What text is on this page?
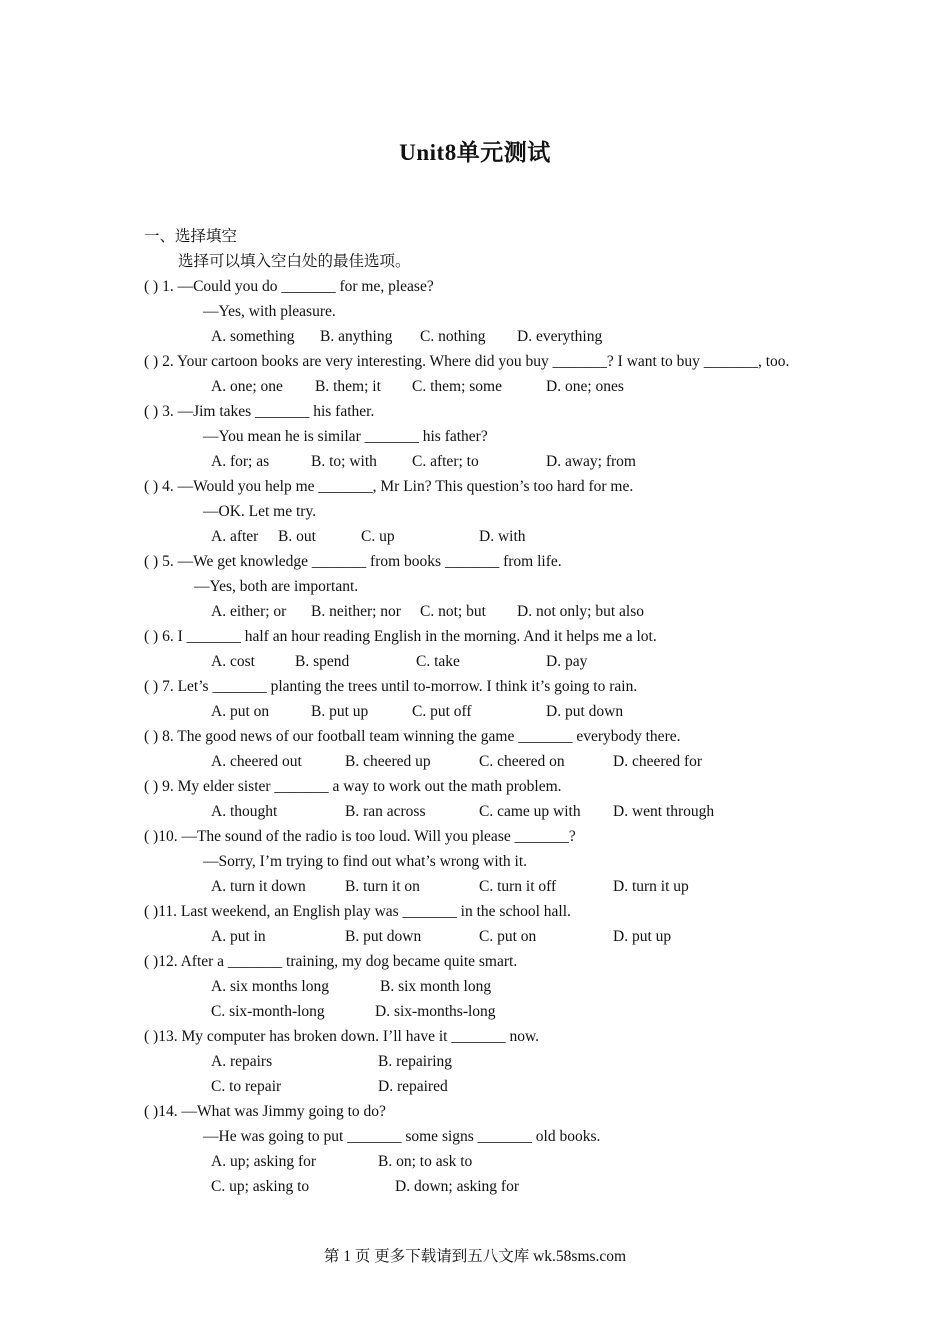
Unit8单元测试
一、选择填空
选择可以填入空白处的最佳选项。
( ) 1. —Could you do _______ for me, please?
—Yes, with pleasure.
A. something B. anything C. nothing D. everything
( ) 2. Your cartoon books are very interesting. Where did you buy _______? I want to buy _______, too.
A. one; one B. them; it C. them; some	D. one; ones
( ) 3. —Jim takes _______ his father.
—You mean he is similar _______ his father?
A. for; as	B. to; with C. after; to	D. away; from
( ) 4. —Would you help me _______, Mr Lin? This question’s too hard for me.
—OK. Let me try.
A. after B. out	C. up	D. with
( ) 5. —We get knowledge _______ from books _______ from life.
—Yes, both are important.
A. either; or B. neither; nor C. not; but D. not only; but also
( ) 6. I _______ half an hour reading English in the morning. And it helps me a lot.
A. cost	B. spend	C. take	D. pay
( ) 7. Let’s _______ planting the trees until to-morrow. I think it’s going to rain.
A. put on	B. put up	C. put off	D. put down
( ) 8. The good news of our football team winning the game _______ everybody there.
A. cheered out	B. cheered up	C. cheered on	D. cheered for
( ) 9. My elder sister _______ a way to work out the math problem.
A. thought	B. ran across	C. came up with D. went through
( )10. —The sound of the radio is too loud. Will you please _______?
—Sorry, I’m trying to find out what’s wrong with it.
A. turn it down	B. turn it on	C. turn it off	D. turn it up
( )11. Last weekend, an English play was _______ in the school hall.
A. put in	B. put down	C. put on	D. put up
( )12. After a _______ training, my dog became quite smart.
A. six months long	B. six month long
C. six-month-long	D. six-months-long
( )13. My computer has broken down. I’ll have it _______ now.
A. repairs	B. repairing
C. to repair	D. repaired
( )14. —What was Jimmy going to do?
—He was going to put _______ some signs _______ old books.
A. up; asking for	B. on; to ask to
C. up; asking to	D. down; asking for
第 1 页 更多下载请到五八文库 wk.58sms.com
